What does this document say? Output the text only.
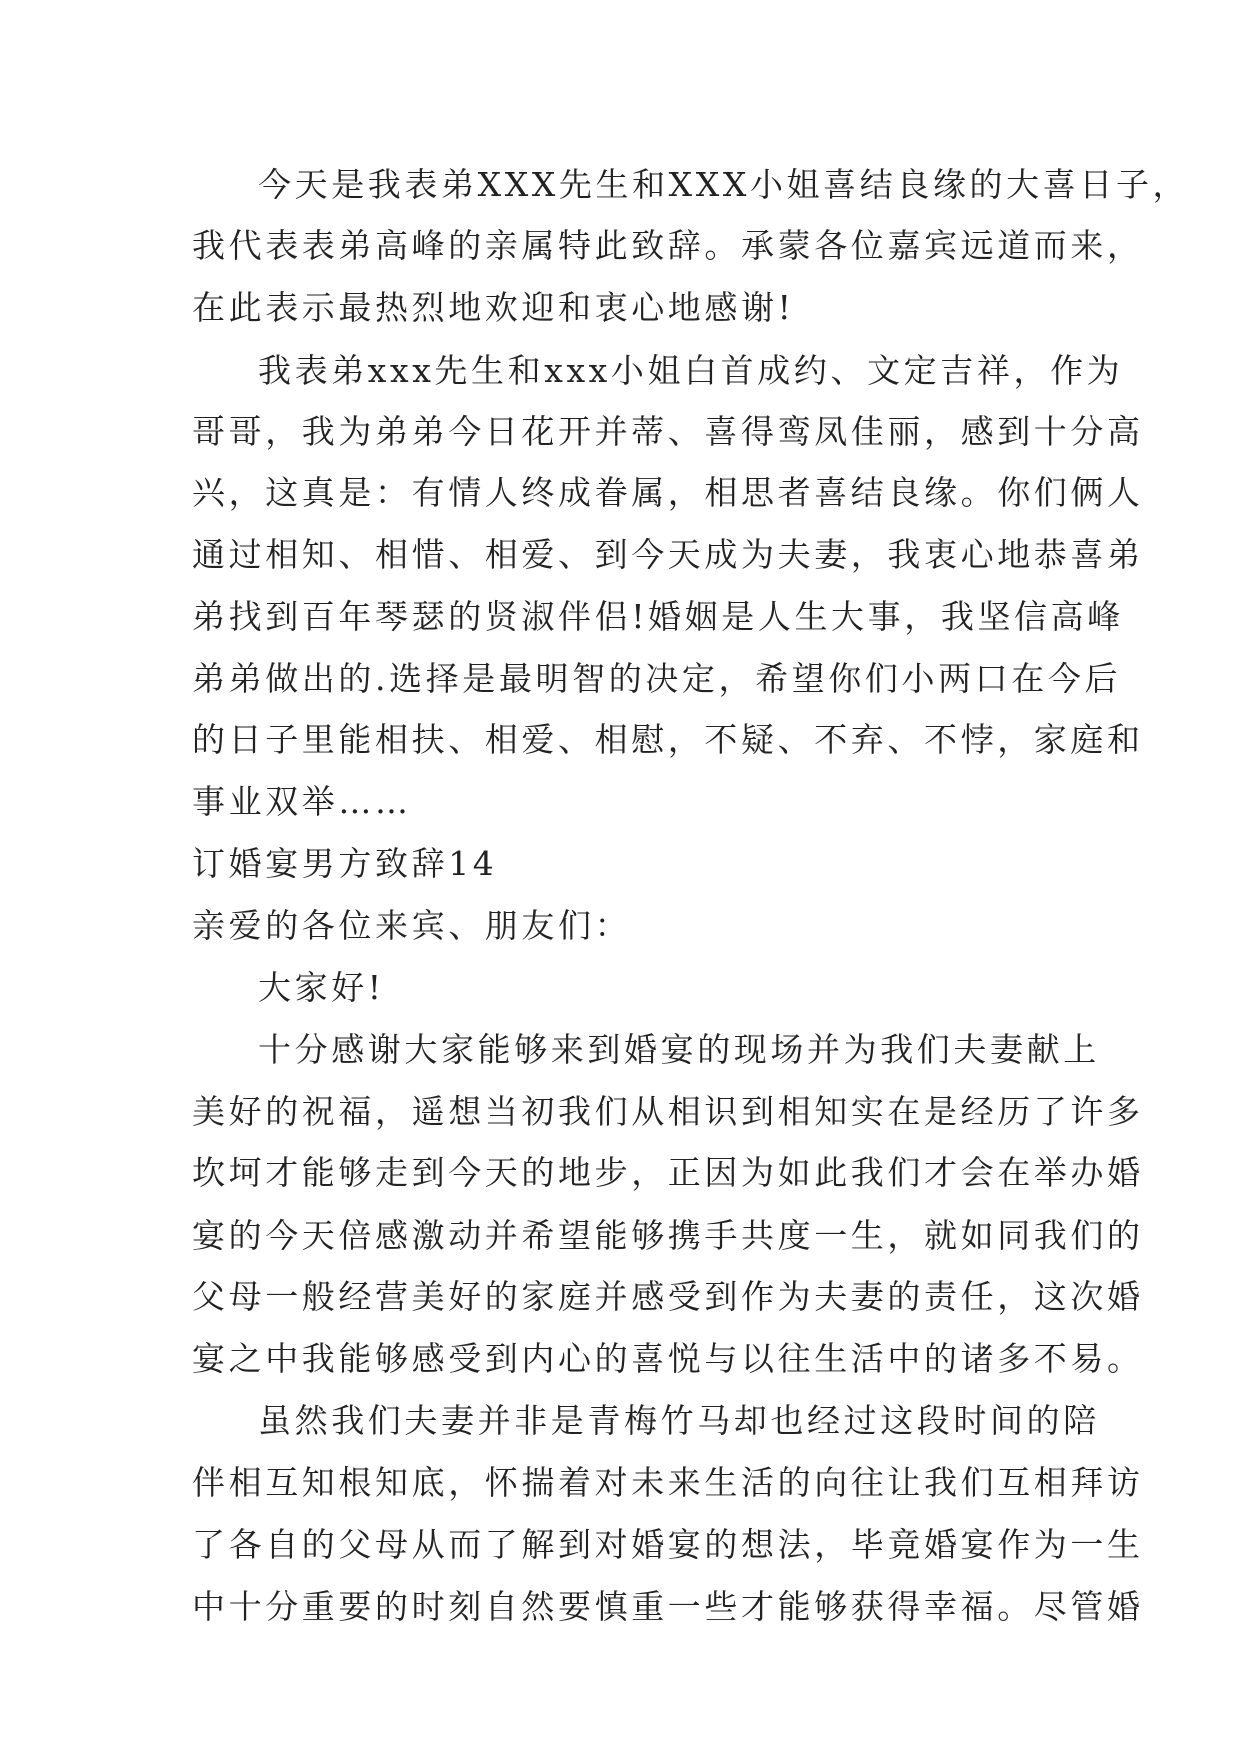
今天是我表弟XXX先生和XXX小姐喜结良缘的大喜日子，
我代表表弟高峰的亲属特此致辞。承蒙各位嘉宾远道而来，
在此表示最热烈地欢迎和衷心地感谢!
我表弟xxx先生和xxx小姐白首成约、文定吉祥，作为
哥哥，我为弟弟今日花开并蒂、喜得鸾凤佳丽，感到十分高
兴，这真是：有情人终成眷属，相思者喜结良缘。你们俩人
通过相知、相惜、相爱、到今天成为夫妻，我衷心地恭喜弟
弟找到百年琴瑟的贤淑伴侣!婚姻是人生大事，我坚信高峰
弟弟做出的.选择是最明智的决定，希望你们小两口在今后
的日子里能相扶、相爱、相慰，不疑、不弃、不悖，家庭和
事业双举……
订婚宴男方致辞14
亲爱的各位来宾、朋友们：
大家好!
十分感谢大家能够来到婚宴的现场并为我们夫妻献上
美好的祝福，遥想当初我们从相识到相知实在是经历了许多
坎坷才能够走到今天的地步，正因为如此我们才会在举办婚
宴的今天倍感激动并希望能够携手共度一生，就如同我们的
父母一般经营美好的家庭并感受到作为夫妻的责任，这次婚
宴之中我能够感受到内心的喜悦与以往生活中的诸多不易。
虽然我们夫妻并非是青梅竹马却也经过这段时间的陪
伴相互知根知底，怀揣着对未来生活的向往让我们互相拜访
了各自的父母从而了解到对婚宴的想法，毕竟婚宴作为一生
中十分重要的时刻自然要慎重一些才能够获得幸福。尽管婚
